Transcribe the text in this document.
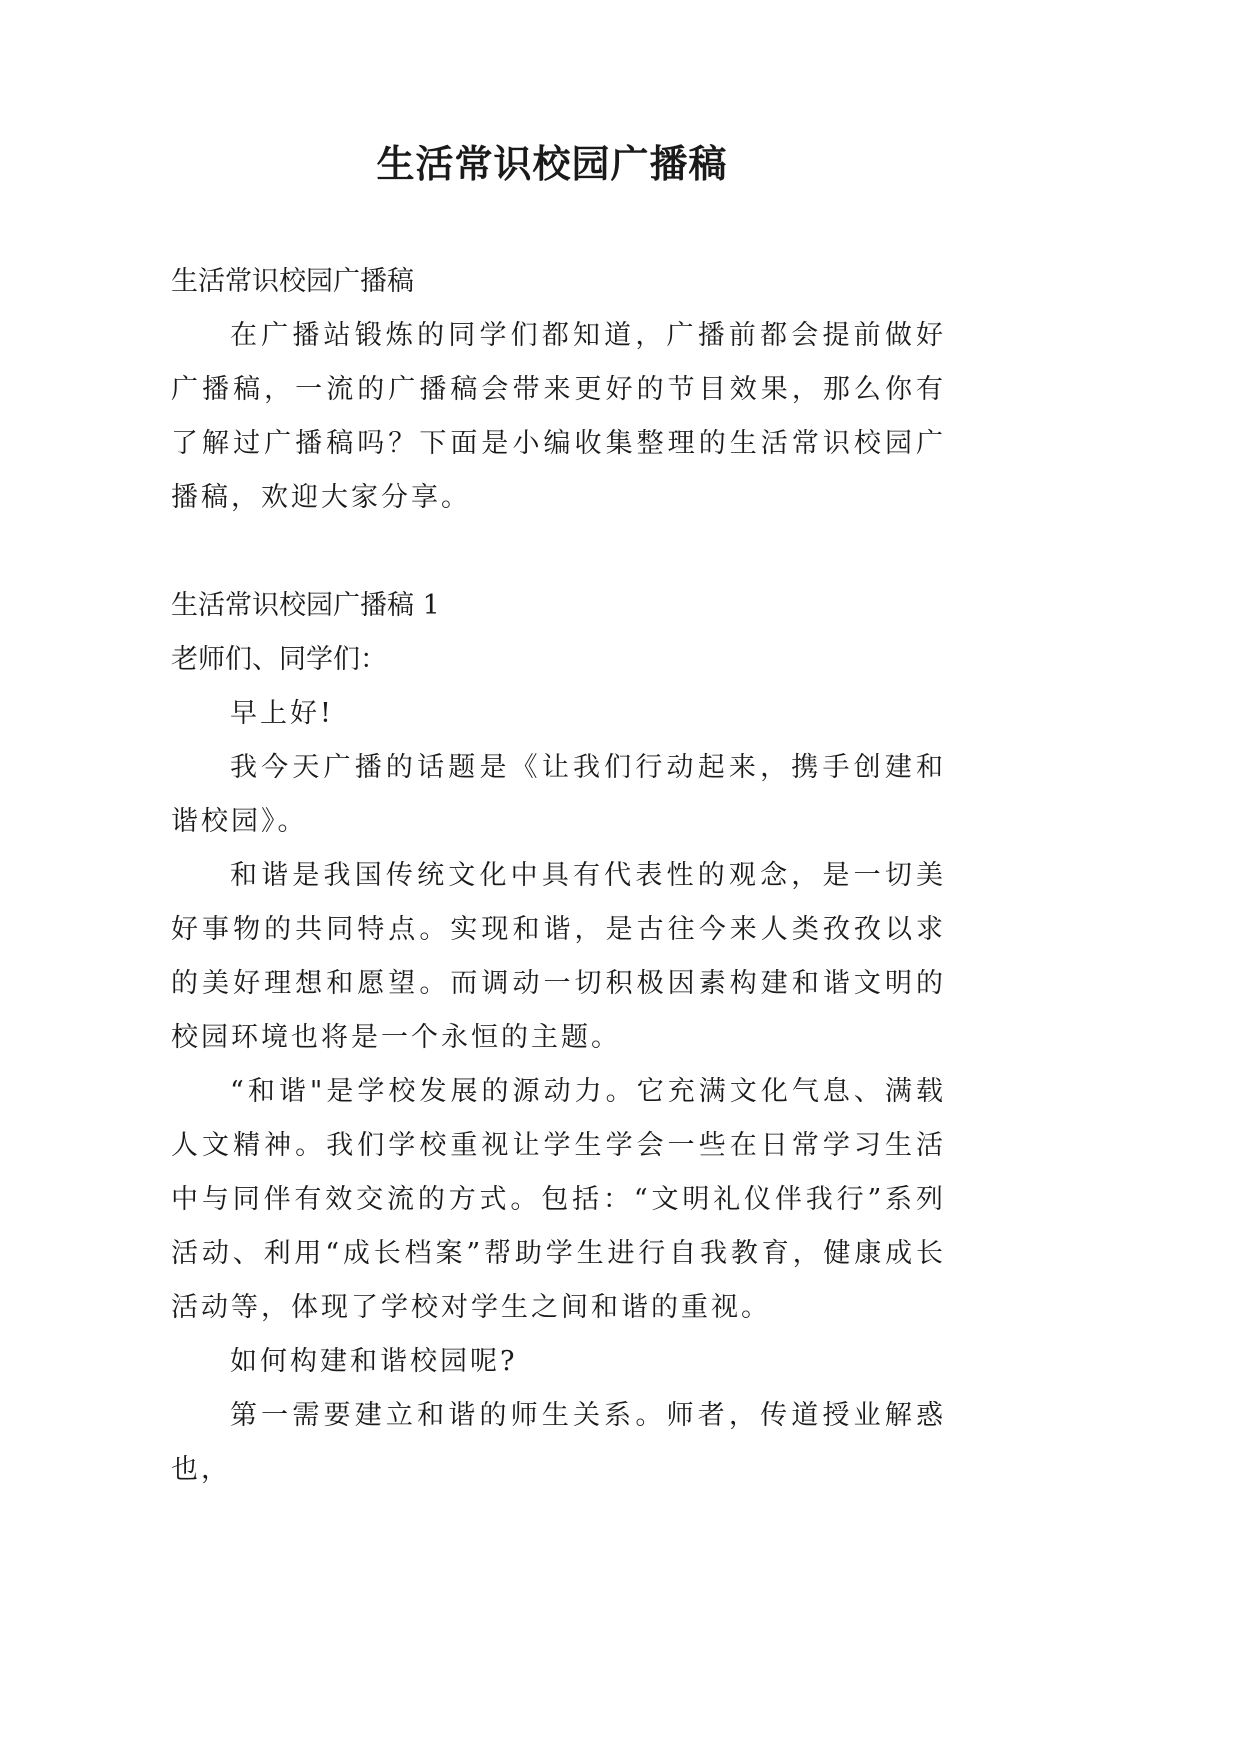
生活常识校园广播稿

生活常识校园广播稿

在广播站锻炼的同学们都知道，广播前都会提前做好广播稿，一流的广播稿会带来更好的节目效果，那么你有了解过广播稿吗？下面是小编收集整理的生活常识校园广播稿，欢迎大家分享。

生活常识校园广播稿 1

老师们、同学们：

早上好!

我今天广播的话题是《让我们行动起来，携手创建和谐校园》。

和谐是我国传统文化中具有代表性的观念，是一切美好事物的共同特点。实现和谐，是古往今来人类孜孜以求的美好理想和愿望。而调动一切积极因素构建和谐文明的校园环境也将是一个永恒的主题。

“和谐"是学校发展的源动力。它充满文化气息、满载人文精神。我们学校重视让学生学会一些在日常学习生活中与同伴有效交流的方式。包括：“文明礼仪伴我行”系列活动、利用“成长档案”帮助学生进行自我教育，健康成长活动等，体现了学校对学生之间和谐的重视。

如何构建和谐校园呢?

第一需要建立和谐的师生关系。师者，传道授业解惑也，
